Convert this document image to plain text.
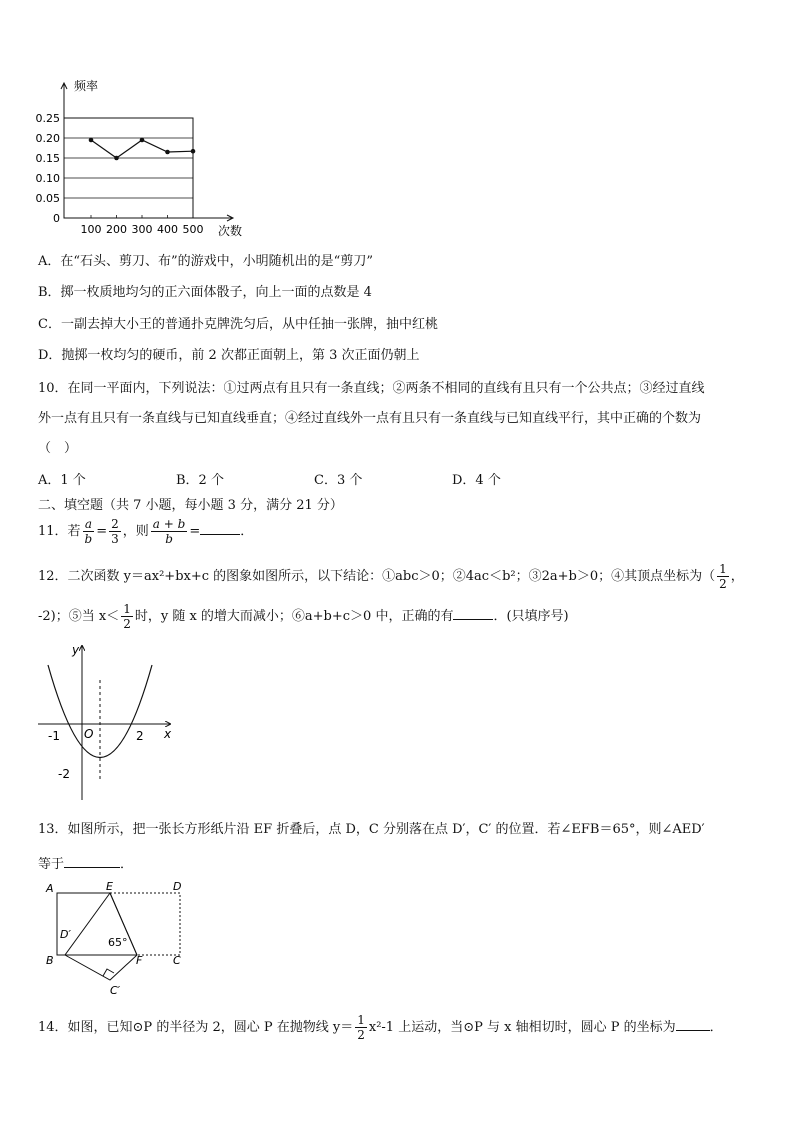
0.25
0.20
0.15
0.10
0.05
0
100 200 300 400 500
频率
次数
A．在“石头、剪刀、布”的游戏中，小明随机出的是“剪刀”
B．掷一枚质地均匀的正六面体骰子，向上一面的点数是 4
C．一副去掉大小王的普通扑克牌洗匀后，从中任抽一张牌，抽中红桃
D．抛掷一枚均匀的硬币，前 2 次都正面朝上，第 3 次正面仍朝上
10．在同一平面内，下列说法：①过两点有且只有一条直线；②两条不相同的直线有且只有一个公共点；③经过直线
外一点有且只有一条直线与已知直线垂直；④经过直线外一点有且只有一条直线与已知直线平行，其中正确的个数为
（　）
A．1 个	B．2 个	C．3 个	D．4 个
二、填空题（共 7 小题，每小题 3 分，满分 21 分）
11．若 $\frac{a}{b} = \frac{2}{3}$ ，则 $\frac{a + b}{b}$ =	．
12．二次函数 y＝ax²+bx+c 的图象如图所示，以下结论：①abc＞0；②4ac＜b²；③2a+b＞0；④其顶点坐标为（ $\frac{1}{2}$ ，
-2)；⑤当 $x< \frac{1}{2}$ 时，y 随 x 的增大而减小；⑥a+b+c＞0 中，正确的有	．(只填序号)
y
x
O
-1	2
-2
13．如图所示，把一张长方形纸片沿 EF 折叠后，点 D，C 分别落在点 D′，C′ 的位置．若∠EFB＝65°，则∠AED′
等于	．
A	E	D
D′
65°
B	F	C
C′
14．如图，已知⊙P 的半径为 2，圆心 P 在抛物线 $y= \frac{1}{2} x^2-1$ 上运动，当⊙P 与 x 轴相切时，圆心 P 的坐标为	．
